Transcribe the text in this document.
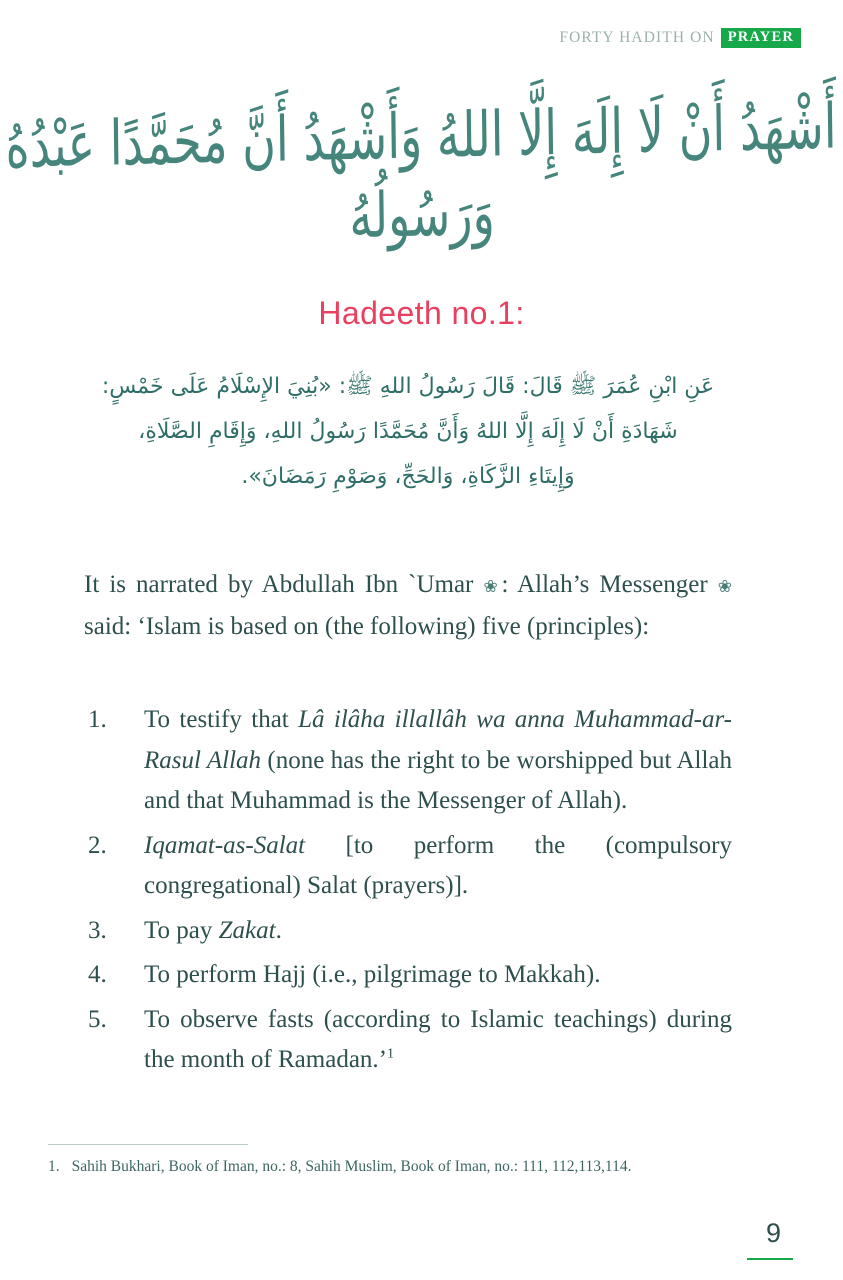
FORTY HADITH ON PRAYER
أَشْهَدُ أَنْ لَا إِلَهَ إِلَّا اللهُ وَأَشْهَدُ أَنَّ مُحَمَّدًا عَبْدُهُ وَرَسُولُهُ
Hadeeth no.1:
عَنِ ابْنِ عُمَرَ ﷺ قَالَ: قَالَ رَسُولُ اللهِ ﷺ: «بُنِيَ الإِسْلَامُ عَلَى خَمْسٍ:
شَهَادَةِ أَنْ لَا إِلَهَ إِلَّا اللهُ وَأَنَّ مُحَمَّدًا رَسُولُ اللهِ، وَإِقَامِ الصَّلَاةِ،
وَإِيتَاءِ الزَّكَاةِ، وَالحَجِّ، وَصَوْمِ رَمَضَانَ».
It is narrated by Abdullah Ibn `Umar ❀: Allah’s Messenger ❀ said: ‘Islam is based on (the following) five (principles):
1.	To testify that Lâ ilâha illallâh wa anna Muhammad-ar-Rasul Allah (none has the right to be worshipped but Allah and that Muhammad is the Messenger of Allah).
2.	Iqamat-as-Salat [to perform the (compulsory congregational) Salat (prayers)].
3.	To pay Zakat.
4.	To perform Hajj (i.e., pilgrimage to Makkah).
5.	To observe fasts (according to Islamic teachings) during the month of Ramadan.’$^1$
1. Sahih Bukhari, Book of Iman, no.: 8, Sahih Muslim, Book of Iman, no.: 111, 112,113,114.
9
